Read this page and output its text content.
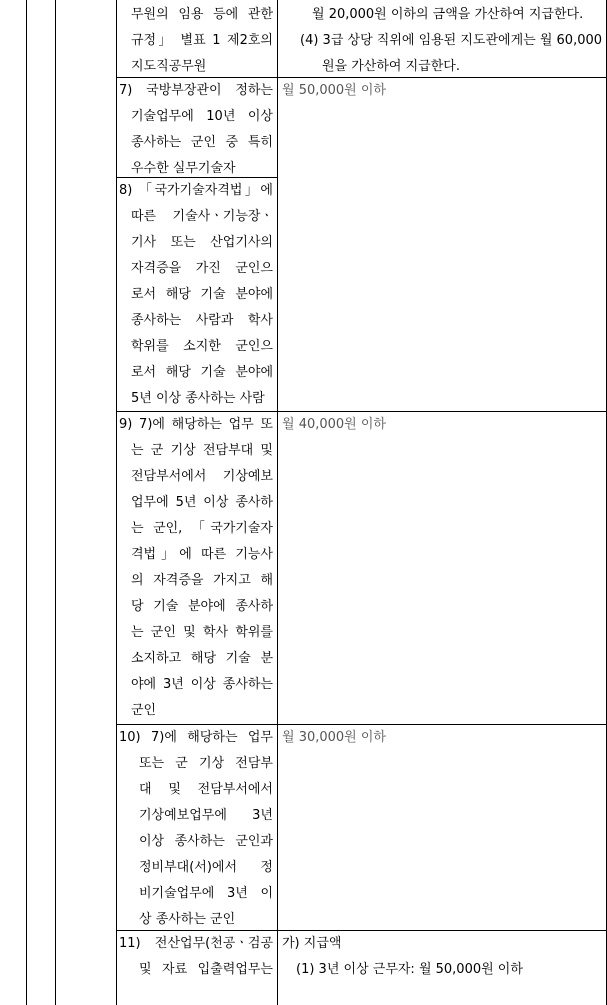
무원의 임용 등에 관한
규정」 별표 1 제2호의
지도직공무원
7) 국방부장관이 정하는
기술업무에 10년 이상
종사하는 군인 중 특히
우수한 실무기술자
8) 「국가기술자격법」에
따른 기술사ㆍ기능장ㆍ
기사 또는 산업기사의
자격증을 가진 군인으
로서 해당 기술 분야에
종사하는 사람과 학사
학위를 소지한 군인으
로서 해당 기술 분야에
5년 이상 종사하는 사람
9) 7)에 해당하는 업무 또
는 군 기상 전담부대 및
전담부서에서 기상예보
업무에 5년 이상 종사하
는 군인, 「국가기술자
격법」에 따른 기능사
의 자격증을 가지고 해
당 기술 분야에 종사하
는 군인 및 학사 학위를
소지하고 해당 기술 분
야에 3년 이상 종사하는
군인
10) 7)에 해당하는 업무
또는 군 기상 전담부
대 및 전담부서에서
기상예보업무에 3년
이상 종사하는 군인과
정비부대(서)에서 정
비기술업무에 3년 이
상 종사하는 군인
11) 전산업무(천공ㆍ검공
및 자료 입출력업무는
월 20,000원 이하의 금액을 가산하여 지급한다.
(4) 3급 상당 직위에 임용된 지도관에게는 월 60,000
원을 가산하여 지급한다.
월 50,000원 이하
월 40,000원 이하
월 30,000원 이하
가) 지급액
(1) 3년 이상 근무자: 월 50,000원 이하
